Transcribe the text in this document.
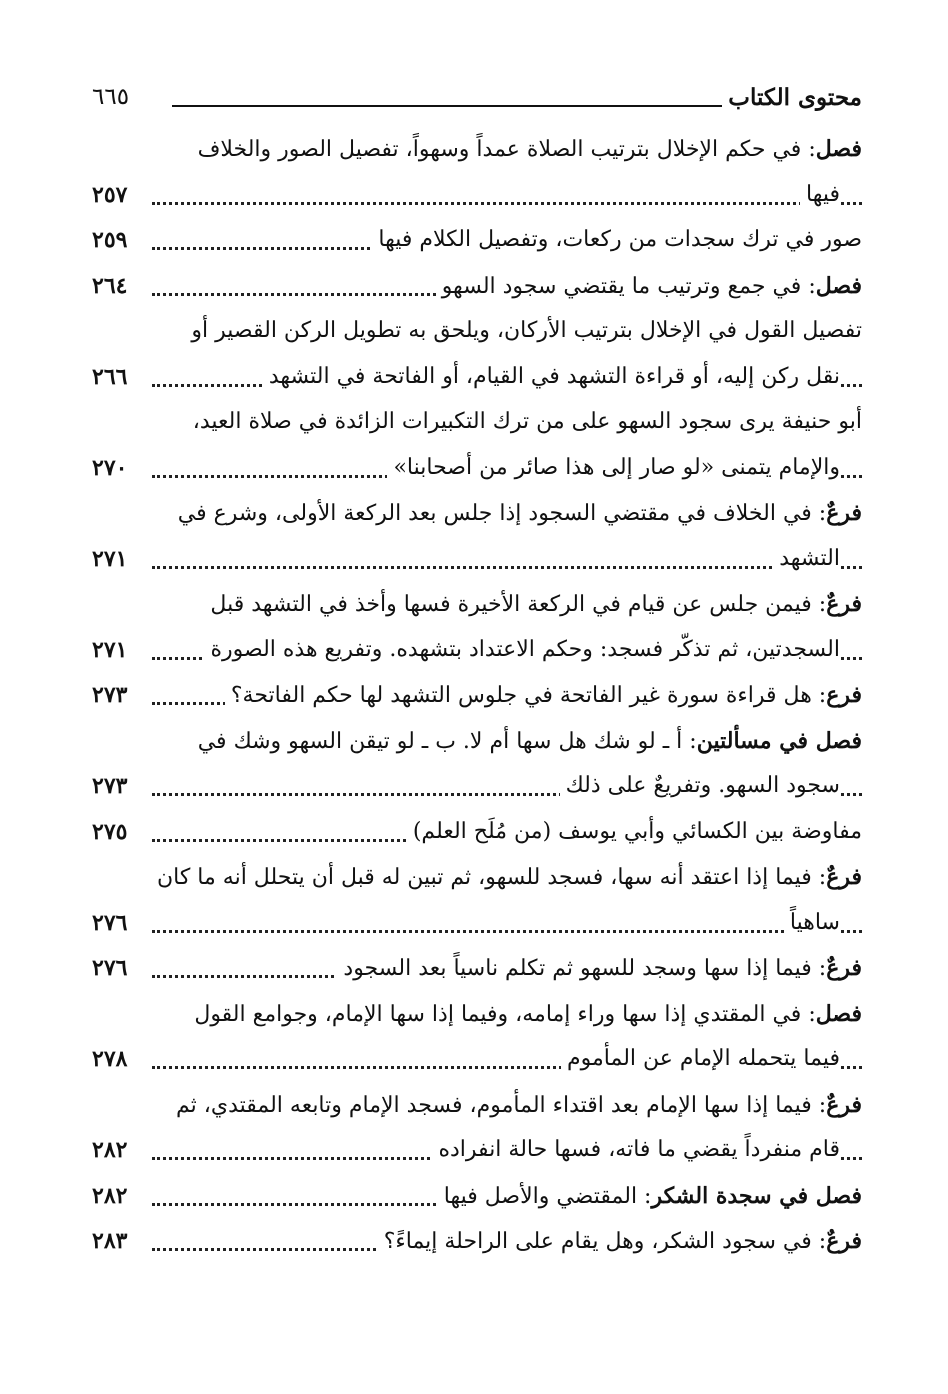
محتوى الكتاب
٦٦٥
فصل: في حكم الإخلال بترتيب الصلاة عمداً وسهواً، تفصيل الصور والخلاف
فيها
٢٥٧
صور في ترك سجدات من ركعات، وتفصيل الكلام فيها
٢٥٩
فصل: في جمع وترتيب ما يقتضي سجود السهو
٢٦٤
تفصيل القول في الإخلال بترتيب الأركان، ويلحق به تطويل الركن القصير أو
نقل ركن إليه، أو قراءة التشهد في القيام، أو الفاتحة في التشهد
٢٦٦
أبو حنيفة يرى سجود السهو على من ترك التكبيرات الزائدة في صلاة العيد،
والإمام يتمنى «لو صار إلى هذا صائر من أصحابنا»
٢٧٠
فرعٌ: في الخلاف في مقتضي السجود إذا جلس بعد الركعة الأولى، وشرع في
التشهد
٢٧١
فرعٌ: فيمن جلس عن قيام في الركعة الأخيرة فسها وأخذ في التشهد قبل
السجدتين، ثم تذكّر فسجد: وحكم الاعتداد بتشهده. وتفريع هذه الصورة
٢٧١
فرع: هل قراءة سورة غير الفاتحة في جلوس التشهد لها حكم الفاتحة؟
٢٧٣
فصل في مسألتين: أ ـ لو شك هل سها أم لا. ب ـ لو تيقن السهو وشك في
سجود السهو. وتفريعٌ على ذلك
٢٧٣
مفاوضة بين الكسائي وأبي يوسف (من مُلَح العلم)
٢٧٥
فرعٌ: فيما إذا اعتقد أنه سها، فسجد للسهو، ثم تبين له قبل أن يتحلل أنه ما كان
ساهياً
٢٧٦
فرعٌ: فيما إذا سها وسجد للسهو ثم تكلم ناسياً بعد السجود
٢٧٦
فصل: في المقتدي إذا سها وراء إمامه، وفيما إذا سها الإمام، وجوامع القول
فيما يتحمله الإمام عن المأموم
٢٧٨
فرعٌ: فيما إذا سها الإمام بعد اقتداء المأموم، فسجد الإمام وتابعه المقتدي، ثم
قام منفرداً يقضي ما فاته، فسها حالة انفراده
٢٨٢
فصل في سجدة الشكر: المقتضي والأصل فيها
٢٨٢
فرعٌ: في سجود الشكر، وهل يقام على الراحلة إيماءً؟
٢٨٣
